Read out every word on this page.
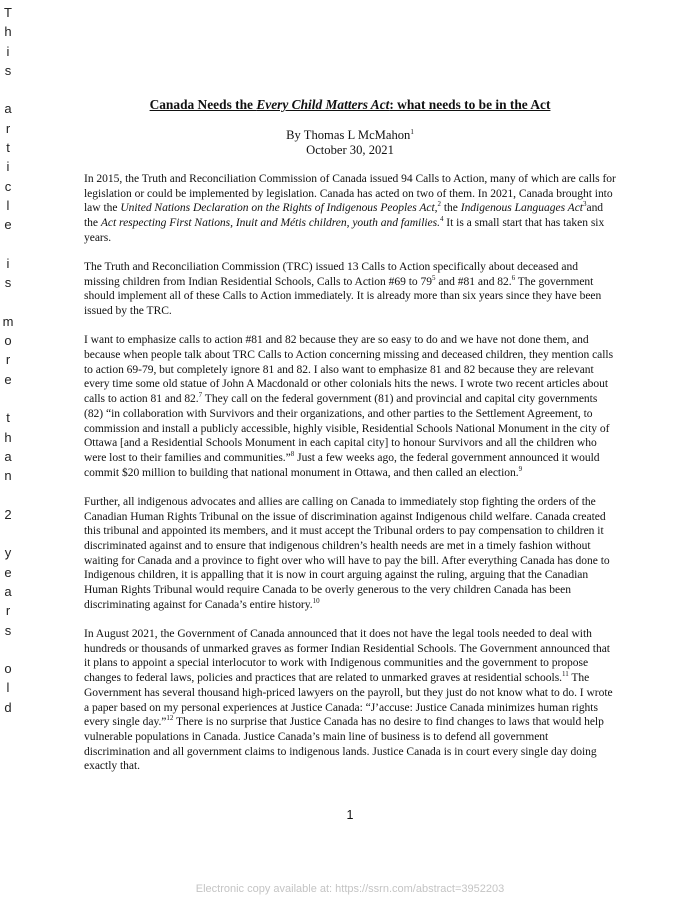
T
h
i
s
a
r
t
i
c
l
e
i
s
m
o
r
e
t
h
a
n
2
y
e
a
r
s
o
l
d
Canada Needs the Every Child Matters Act: what needs to be in the Act
By Thomas L McMahon$^1$
October 30, 2021

In 2015, the Truth and Reconciliation Commission of Canada issued 94 Calls to Action, many of which are calls for legislation or could be implemented by legislation. Canada has acted on two of them. In 2021, Canada brought into law the United Nations Declaration on the Rights of Indigenous Peoples Act,$^2$ the Indigenous Languages Act$^3$and the Act respecting First Nations, Inuit and Métis children, youth and families.$^4$ It is a small start that has taken six years.

The Truth and Reconciliation Commission (TRC) issued 13 Calls to Action specifically about deceased and missing children from Indian Residential Schools, Calls to Action #69 to $79^5$ and #81 and 82.$^6$ The government should implement all of these Calls to Action immediately. It is already more than six years since they have been issued by the TRC.

I want to emphasize calls to action #81 and 82 because they are so easy to do and we have not done them, and because when people talk about TRC Calls to Action concerning missing and deceased children, they mention calls to action 69-79, but completely ignore 81 and 82. I also want to emphasize 81 and 82 because they are relevant every time some old statue of John A Macdonald or other colonials hits the news. I wrote two recent articles about calls to action 81 and 82.$^7$ They call on the federal government (81) and provincial and capital city governments (82) “in collaboration with Survivors and their organizations, and other parties to the Settlement Agreement, to commission and install a publicly accessible, highly visible, Residential Schools National Monument in the city of Ottawa [and a Residential Schools Monument in each capital city] to honour Survivors and all the children who were lost to their families and communities.”$^8$ Just a few weeks ago, the federal government announced it would commit $20 million to building that national monument in Ottawa, and then called an election.$^9$

Further, all indigenous advocates and allies are calling on Canada to immediately stop fighting the orders of the Canadian Human Rights Tribunal on the issue of discrimination against Indigenous child welfare. Canada created this tribunal and appointed its members, and it must accept the Tribunal orders to pay compensation to children it discriminated against and to ensure that indigenous children’s health needs are met in a timely fashion without waiting for Canada and a province to fight over who will have to pay the bill. After everything Canada has done to Indigenous children, it is appalling that it is now in court arguing against the ruling, arguing that the Canadian Human Rights Tribunal would require Canada to be overly generous to the very children Canada has been discriminating against for Canada’s entire history.$^{10}$

In August 2021, the Government of Canada announced that it does not have the legal tools needed to deal with hundreds or thousands of unmarked graves as former Indian Residential Schools. The Government announced that it plans to appoint a special interlocutor to work with Indigenous communities and the government to propose changes to federal laws, policies and practices that are related to unmarked graves at residential schools.$^{11}$ The Government has several thousand high-priced lawyers on the payroll, but they just do not know what to do. I wrote a paper based on my personal experiences at Justice Canada: “J’accuse: Justice Canada minimizes human rights every single day.”$^{12}$ There is no surprise that Justice Canada has no desire to find changes to laws that would help vulnerable populations in Canada. Justice Canada’s main line of business is to defend all government discrimination and all government claims to indigenous lands. Justice Canada is in court every single day doing exactly that.

1
Electronic copy available at: https://ssrn.com/abstract=3952203
